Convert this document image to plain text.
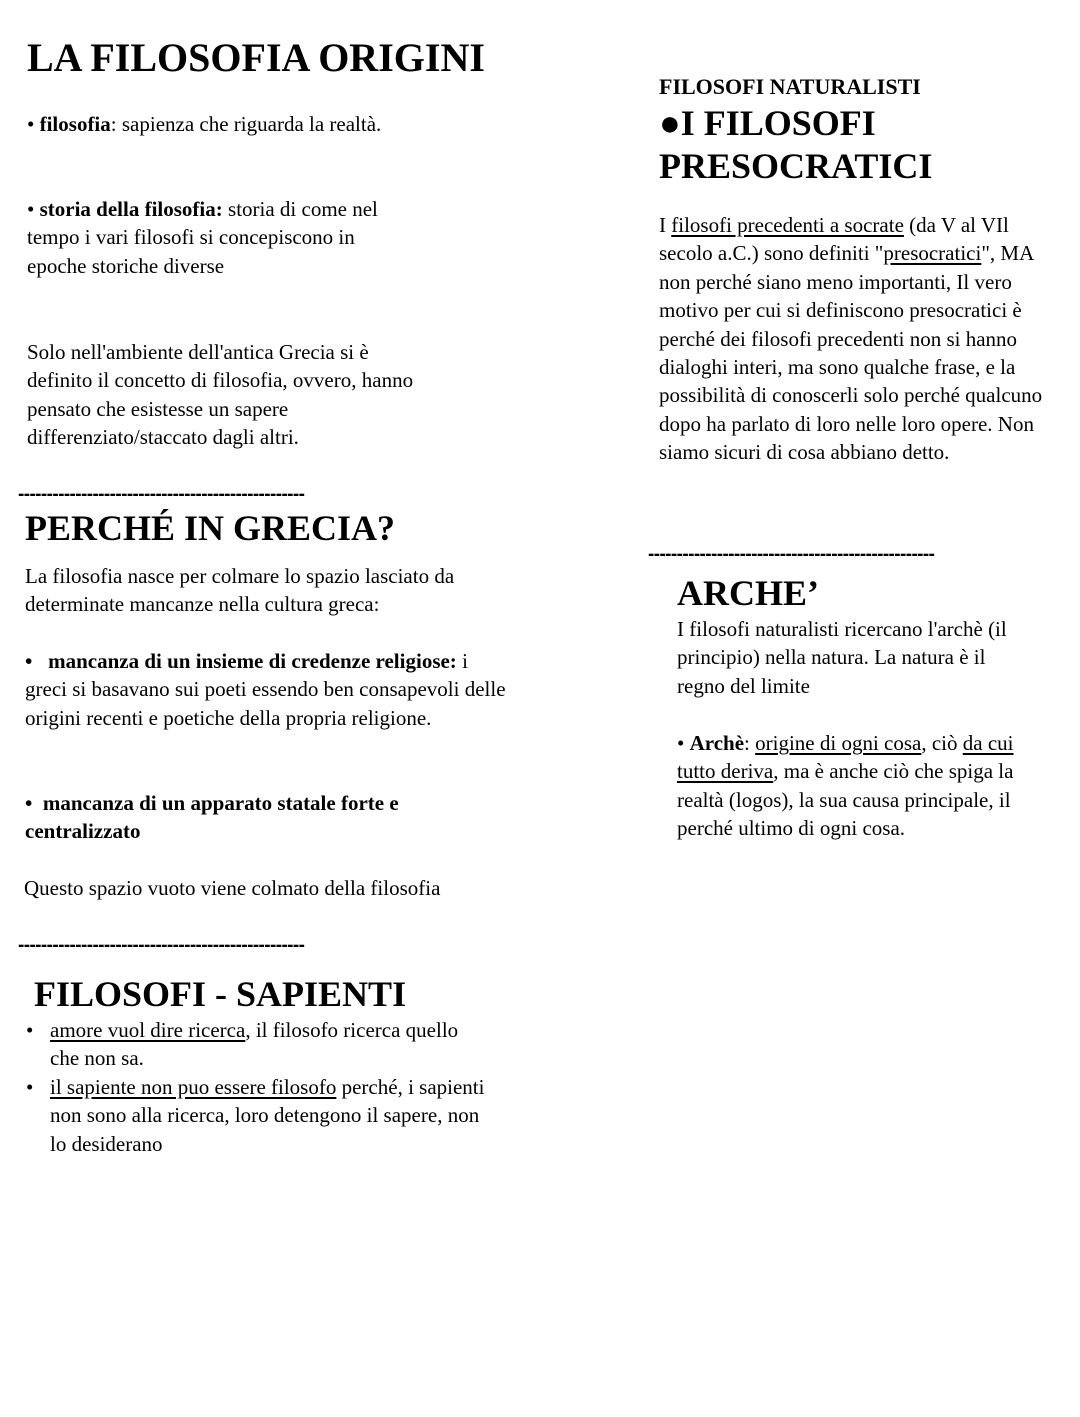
LA FILOSOFIA ORIGINI

• filosofia: sapienza che riguarda la realtà.

• storia della filosofia: storia di come nel tempo i vari filosofi si concepiscono in epoche storiche diverse

Solo nell'ambiente dell'antica Grecia si è definito il concetto di filosofia, ovvero, hanno pensato che esistesse un sapere differenziato/staccato dagli altri.

--------------------------------------------------
PERCHÉ IN GRECIA?

La filosofia nasce per colmare lo spazio lasciato da determinate mancanze nella cultura greca:

•   mancanza di un insieme di credenze religiose: i greci si basavano sui poeti essendo ben consapevoli delle origini recenti e poetiche della propria religione.

•  mancanza di un apparato statale forte e centralizzato

Questo spazio vuoto viene colmato della filosofia

--------------------------------------------------
FILOSOFI - SAPIENTI
• amore vuol dire ricerca, il filosofo ricerca quello che non sa.
• il sapiente non puo essere filosofo perché, i sapienti non sono alla ricerca, loro detengono il sapere, non lo desiderano
FILOSOFI NATURALISTI
●I FILOSOFI
PRESOCRATICI

I filosofi precedenti a socrate (da V al VIl secolo a.C.) sono definiti "presocratici", MA non perché siano meno importanti, Il vero motivo per cui si definiscono presocratici è perché dei filosofi precedenti non si hanno dialoghi interi, ma sono qualche frase, e la possibilità di conoscerli solo perché qualcuno dopo ha parlato di loro nelle loro opere. Non siamo sicuri di cosa abbiano detto.

--------------------------------------------------
ARCHE’

I filosofi naturalisti ricercano l'archè (il principio) nella natura. La natura è il regno del limite

• Archè: origine di ogni cosa, ciò da cui tutto deriva, ma è anche ciò che spiga la realtà (logos), la sua causa principale, il perché ultimo di ogni cosa.
